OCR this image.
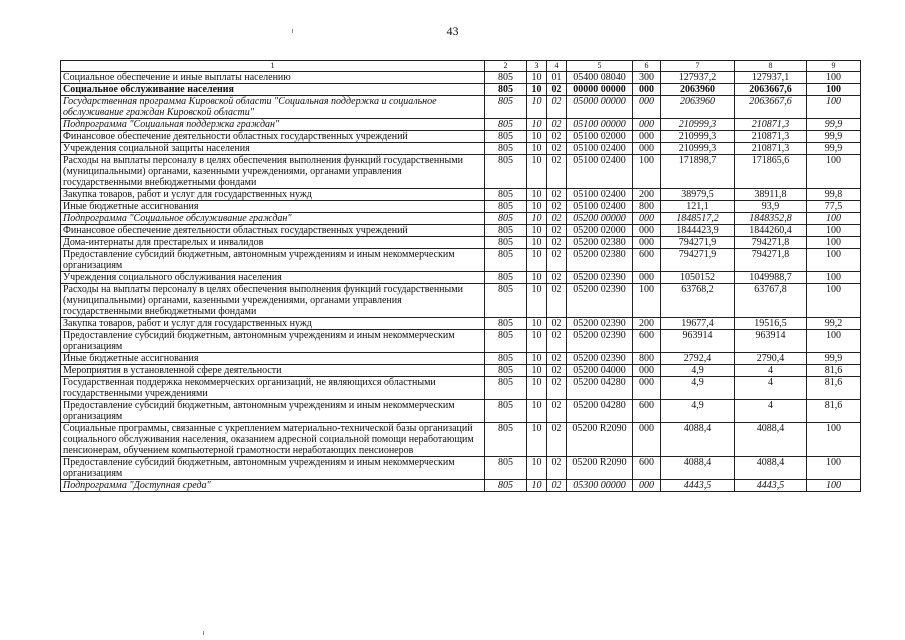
43
1	2	3	4	5	6	7	8	9
Социальное обеспечение и иные выплаты населению	805	10	01	05400 08040	300	127937,2	127937,1	100
Социальное обслуживание населения	805	10	02	00000 00000	000	2063960	2063667,6	100
Государственная программа Кировской области "Социальная поддержка и социальное обслуживание граждан Кировской области"	805	10	02	05000 00000	000	2063960	2063667,6	100
Подпрограмма "Социальная поддержка граждан"	805	10	02	05100 00000	000	210999,3	210871,3	99,9
Финансовое обеспечение деятельности областных государственных учреждений	805	10	02	05100 02000	000	210999,3	210871,3	99,9
Учреждения социальной защиты населения	805	10	02	05100 02400	000	210999,3	210871,3	99,9
Расходы на выплаты персоналу в целях обеспечения выполнения функций государственными (муниципальными) органами, казенными учреждениями, органами управления государственными внебюджетными фондами	805	10	02	05100 02400	100	171898,7	171865,6	100
Закупка товаров, работ и услуг для государственных нужд	805	10	02	05100 02400	200	38979,5	38911,8	99,8
Иные бюджетные ассигнования	805	10	02	05100 02400	800	121,1	93,9	77,5
Подпрограмма "Социальное обслуживание граждан"	805	10	02	05200 00000	000	1848517,2	1848352,8	100
Финансовое обеспечение деятельности областных государственных учреждений	805	10	02	05200 02000	000	1844423,9	1844260,4	100
Дома-интернаты для престарелых и инвалидов	805	10	02	05200 02380	000	794271,9	794271,8	100
Предоставление субсидий бюджетным, автономным учреждениям и иным некоммерческим организациям	805	10	02	05200 02380	600	794271,9	794271,8	100
Учреждения социального обслуживания населения	805	10	02	05200 02390	000	1050152	1049988,7	100
Расходы на выплаты персоналу в целях обеспечения выполнения функций государственными (муниципальными) органами, казенными учреждениями, органами управления государственными внебюджетными фондами	805	10	02	05200 02390	100	63768,2	63767,8	100
Закупка товаров, работ и услуг для государственных нужд	805	10	02	05200 02390	200	19677,4	19516,5	99,2
Предоставление субсидий бюджетным, автономным учреждениям и иным некоммерческим организациям	805	10	02	05200 02390	600	963914	963914	100
Иные бюджетные ассигнования	805	10	02	05200 02390	800	2792,4	2790,4	99,9
Мероприятия в установленной сфере деятельности	805	10	02	05200 04000	000	4,9	4	81,6
Государственная поддержка некоммерческих организаций, не являющихся областными государственными учреждениями	805	10	02	05200 04280	000	4,9	4	81,6
Предоставление субсидий бюджетным, автономным учреждениям и иным некоммерческим организациям	805	10	02	05200 04280	600	4,9	4	81,6
Социальные программы, связанные с укреплением материально-технической базы организаций социального обслуживания населения, оказанием адресной социальной помощи неработающим пенсионерам, обучением компьютерной грамотности неработающих пенсионеров	805	10	02	05200 R2090	000	4088,4	4088,4	100
Предоставление субсидий бюджетным, автономным учреждениям и иным некоммерческим организациям	805	10	02	05200 R2090	600	4088,4	4088,4	100
Подпрограмма "Доступная среда"	805	10	02	05300 00000	000	4443,5	4443,5	100
